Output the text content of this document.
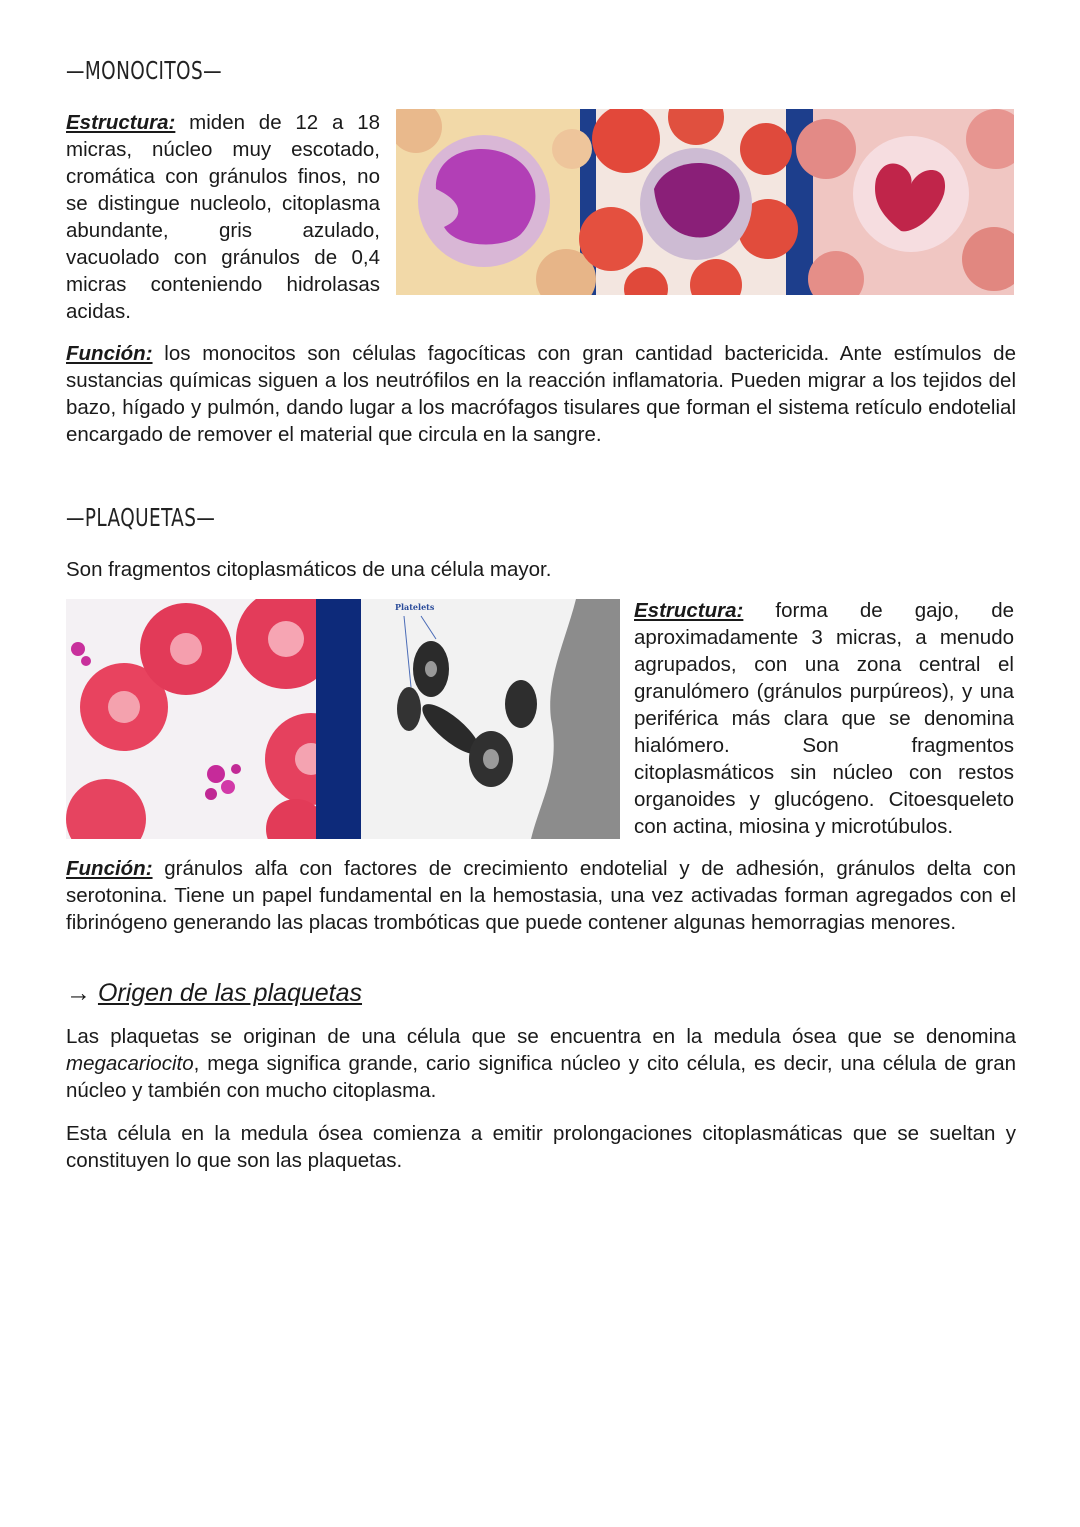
—MONOCITOS—
Estructura: miden de 12 a 18 micras, núcleo muy escotado, cromática con gránulos finos, no se distingue nucleolo, citoplasma abundante, gris azulado, vacuolado con gránulos de 0,4 micras conteniendo hidrolasas acidas.
Función: los monocitos son células fagocíticas con gran cantidad bactericida. Ante estímulos de sustancias químicas siguen a los neutrófilos en la reacción inflamatoria. Pueden migrar a los tejidos del bazo, hígado y pulmón, dando lugar a los macrófagos tisulares que forman el sistema retículo endotelial encargado de remover el material que circula en la sangre.
—PLAQUETAS—
Son fragmentos citoplasmáticos de una célula mayor.
Platelets	Estructura: forma de gajo, de aproximadamente 3 micras, a menudo agrupados, con una zona central el granulómero (gránulos purpúreos), y una periférica más clara que se denomina hialómero. Son fragmentos citoplasmáticos sin núcleo con restos organoides y glucógeno. Citoesqueleto con actina, miosina y microtúbulos.
Función: gránulos alfa con factores de crecimiento endotelial y de adhesión, gránulos delta con serotonina. Tiene un papel fundamental en la hemostasia, una vez activadas forman agregados con el fibrinógeno generando las placas trombóticas que puede contener algunas hemorragias menores.
→ Origen de las plaquetas
Las plaquetas se originan de una célula que se encuentra en la medula ósea que se denomina megacariocito, mega significa grande, cario significa núcleo y cito célula, es decir, una célula de gran núcleo y también con mucho citoplasma.
Esta célula en la medula ósea comienza a emitir prolongaciones citoplasmáticas que se sueltan y constituyen lo que son las plaquetas.
